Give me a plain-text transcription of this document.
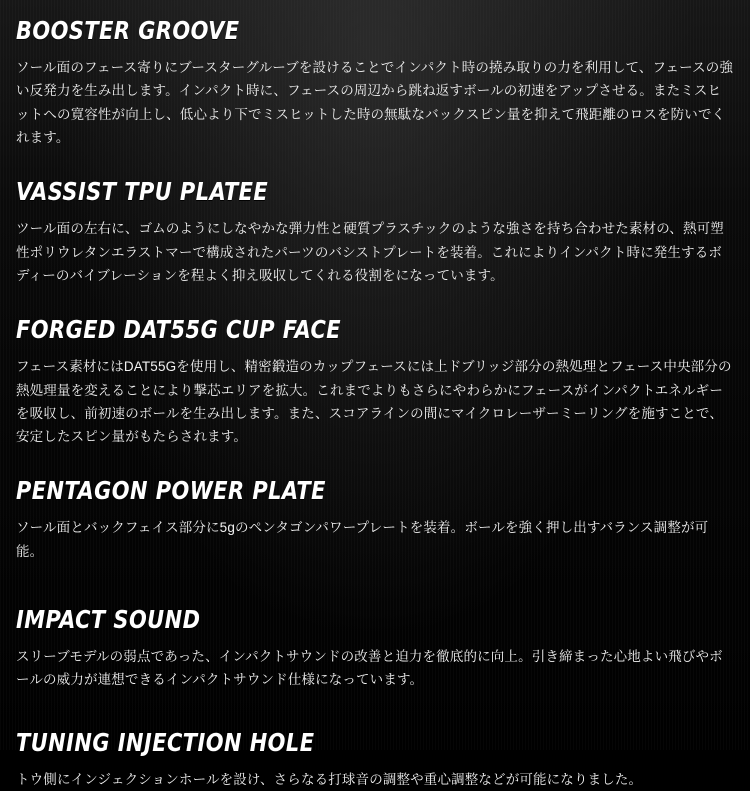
BOOSTER GROOVE

ソール面のフェース寄りにブースターグルーブを設けることでインパクト時の撓み取りの力を利用して、フェースの強い反発力を生み出します。インパクト時に、フェースの周辺から跳ね返すボールの初速をアップさせる。またミスヒットへの寛容性が向上し、低心より下でミスヒットした時の無駄なバックスピン量を抑えて飛距離のロスを防いでくれます。

VASSIST TPU PLATEE

ツール面の左右に、ゴムのようにしなやかな弾力性と硬質プラスチックのような強さを持ち合わせた素材の、熱可塑性ポリウレタンエラストマーで構成されたパーツのバシストプレートを装着。これによりインパクト時に発生するボディーのバイブレーションを程よく抑え吸収してくれる役割をになっています。

FORGED DAT55G CUP FACE

フェース素材にはDAT55Gを使用し、精密鍛造のカップフェースには上ドブリッジ部分の熱処理とフェース中央部分の熱処理量を変えることにより撃芯エリアを拡大。これまでよりもさらにやわらかにフェースがインパクトエネルギーを吸収し、前初速のボールを生み出します。また、スコアラインの間にマイクロレーザーミーリングを施すことで、安定したスピン量がもたらされます。

PENTAGON POWER PLATE

ソール面とバックフェイス部分に5gのペンタゴンパワープレートを装着。ボールを強く押し出すバランス調整が可能。

IMPACT SOUND

スリーブモデルの弱点であった、インパクトサウンドの改善と迫力を徹底的に向上。引き締まった心地よい飛びやボールの威力が連想できるインパクトサウンド仕様になっています。

TUNING INJECTION HOLE

トウ側にインジェクションホールを設け、さらなる打球音の調整や重心調整などが可能になりました。
